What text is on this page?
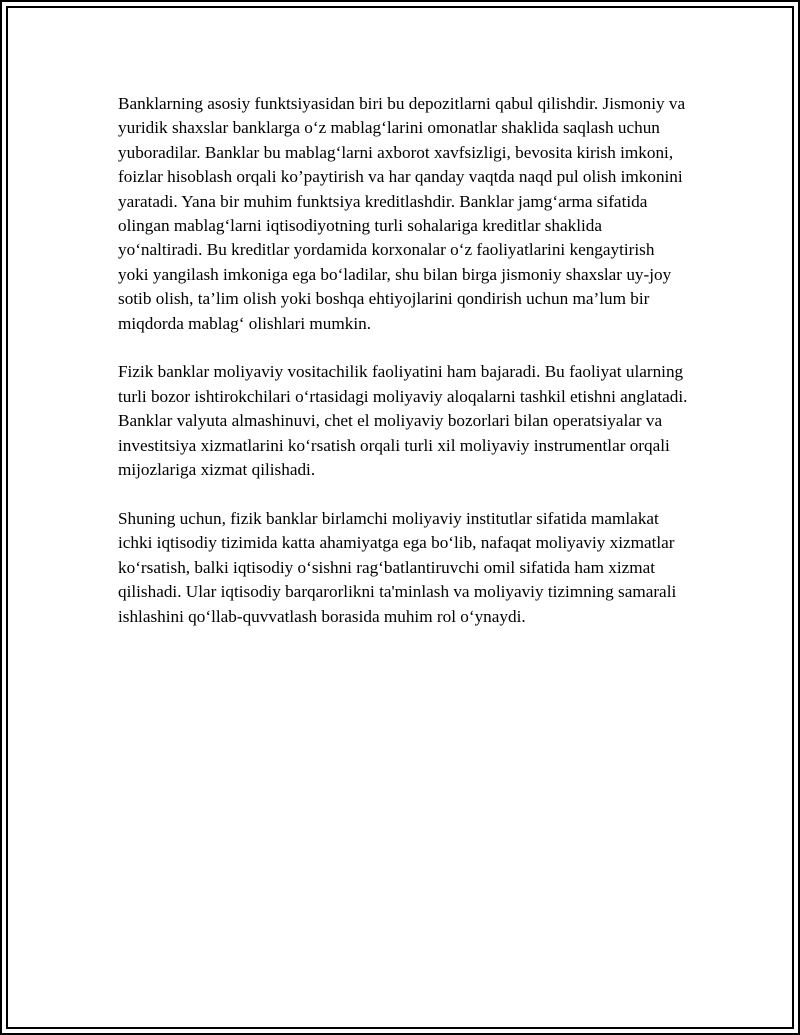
Banklarning asosiy funktsiyasidan biri bu depozitlarni qabul qilishdir. Jismoniy va yuridik shaxslar banklarga o‘z mablag‘larini omonatlar shaklida saqlash uchun yuboradilar. Banklar bu mablag‘larni axborot xavfsizligi, bevosita kirish imkoni, foizlar hisoblash orqali ko’paytirish va har qanday vaqtda naqd pul olish imkonini yaratadi. Yana bir muhim funktsiya kreditlashdir. Banklar jamg‘arma sifatida olingan mablag‘larni iqtisodiyotning turli sohalariga kreditlar shaklida yo‘naltiradi. Bu kreditlar yordamida korxonalar o‘z faoliyatlarini kengaytirish yoki yangilash imkoniga ega bo‘ladilar, shu bilan birga jismoniy shaxslar uy-joy sotib olish, ta’lim olish yoki boshqa ehtiyojlarini qondirish uchun ma’lum bir miqdorda mablag‘ olishlari mumkin.

Fizik banklar moliyaviy vositachilik faoliyatini ham bajaradi. Bu faoliyat ularning turli bozor ishtirokchilari o‘rtasidagi moliyaviy aloqalarni tashkil etishni anglatadi. Banklar valyuta almashinuvi, chet el moliyaviy bozorlari bilan operatsiyalar va investitsiya xizmatlarini ko‘rsatish orqali turli xil moliyaviy instrumentlar orqali mijozlariga xizmat qilishadi.

Shuning uchun, fizik banklar birlamchi moliyaviy institutlar sifatida mamlakat ichki iqtisodiy tizimida katta ahamiyatga ega bo‘lib, nafaqat moliyaviy xizmatlar ko‘rsatish, balki iqtisodiy o‘sishni rag‘batlantiruvchi omil sifatida ham xizmat qilishadi. Ular iqtisodiy barqarorlikni ta'minlash va moliyaviy tizimning samarali ishlashini qo‘llab-quvvatlash borasida muhim rol o‘ynaydi.
